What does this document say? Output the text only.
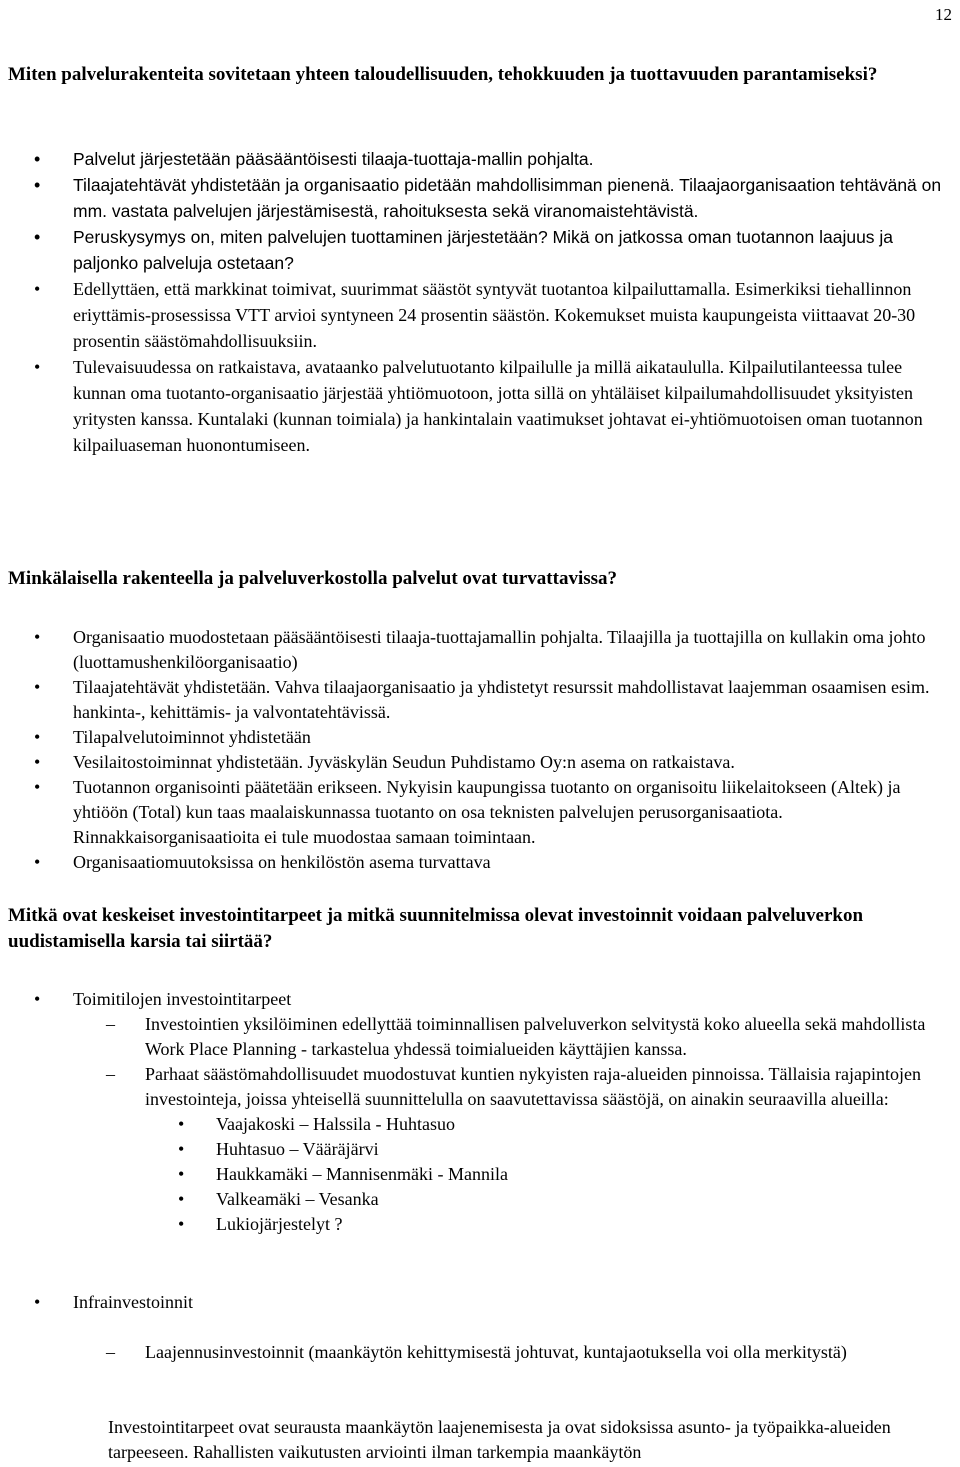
12
Miten palvelurakenteita sovitetaan yhteen taloudellisuuden, tehokkuuden ja tuottavuuden parantamiseksi?
• Palvelut järjestetään pääsääntöisesti tilaaja-tuottaja-mallin pohjalta.
• Tilaajatehtävät yhdistetään ja organisaatio pidetään mahdollisimman pienenä. Tilaajaorganisaation tehtävänä on mm. vastata palvelujen järjestämisestä, rahoituksesta sekä viranomaistehtävistä.
• Peruskysymys on, miten palvelujen tuottaminen järjestetään? Mikä on jatkossa oman tuotannon laajuus ja paljonko palveluja ostetaan?
• Edellyttäen, että markkinat toimivat, suurimmat säästöt syntyvät tuotantoa kilpailuttamalla. Esimerkiksi tiehallinnon eriyttämis-prosessissa VTT arvioi syntyneen 24 prosentin säästön. Kokemukset muista kaupungeista viittaavat 20-30 prosentin säästömahdollisuuksiin.
• Tulevaisuudessa on ratkaistava, avataanko palvelutuotanto kilpailulle ja millä aikataululla. Kilpailutilanteessa tulee kunnan oma tuotanto-organisaatio järjestää yhtiömuotoon, jotta sillä on yhtäläiset kilpailumahdollisuudet yksityisten yritysten kanssa. Kuntalaki (kunnan toimiala) ja hankintalain vaatimukset johtavat ei-yhtiömuotoisen oman tuotannon kilpailuaseman huonontumiseen.
Minkälaisella rakenteella ja palveluverkostolla palvelut ovat turvattavissa?
• Organisaatio muodostetaan pääsääntöisesti tilaaja-tuottajamallin pohjalta. Tilaajilla ja tuottajilla on kullakin oma johto (luottamushenkilöorganisaatio)
• Tilaajatehtävät yhdistetään. Vahva tilaajaorganisaatio ja yhdistetyt resurssit mahdollistavat laajemman osaamisen esim. hankinta-, kehittämis- ja valvontatehtävissä.
• Tilapalvelutoiminnot yhdistetään
• Vesilaitostoiminnat yhdistetään. Jyväskylän Seudun Puhdistamo Oy:n asema on ratkaistava.
• Tuotannon organisointi päätetään erikseen. Nykyisin kaupungissa tuotanto on organisoitu liikelaitokseen (Altek) ja yhtiöön (Total) kun taas maalaiskunnassa tuotanto on osa teknisten palvelujen perusorganisaatiota. Rinnakkaisorganisaatioita ei tule muodostaa samaan toimintaan.
• Organisaatiomuutoksissa on henkilöstön asema turvattava
Mitkä ovat keskeiset investointitarpeet ja mitkä suunnitelmissa olevat investoinnit voidaan palveluverkon uudistamisella karsia tai siirtää?
• Toimitilojen investointitarpeet
– Investointien yksilöiminen edellyttää toiminnallisen palveluverkon selvitystä koko alueella sekä mahdollista Work Place Planning - tarkastelua yhdessä toimialueiden käyttäjien kanssa.
– Parhaat säästömahdollisuudet muodostuvat kuntien nykyisten raja-alueiden pinnoissa. Tällaisia rajapintojen investointeja, joissa yhteisellä suunnittelulla on saavutettavissa säästöjä, on ainakin seuraavilla alueilla:
• Vaajakoski – Halssila - Huhtasuo
• Huhtasuo – Vääräjärvi
• Haukkamäki – Mannisenmäki - Mannila
• Valkeamäki – Vesanka
• Lukiojärjestelyt ?
• Infrainvestoinnit
– Laajennusinvestoinnit (maankäytön kehittymisestä johtuvat, kuntajaotuksella voi olla merkitystä)
Investointitarpeet ovat seurausta maankäytön laajenemisesta ja ovat sidoksissa asunto- ja työpaikka-alueiden tarpeeseen. Rahallisten vaikutusten arviointi ilman tarkempia maankäytön
